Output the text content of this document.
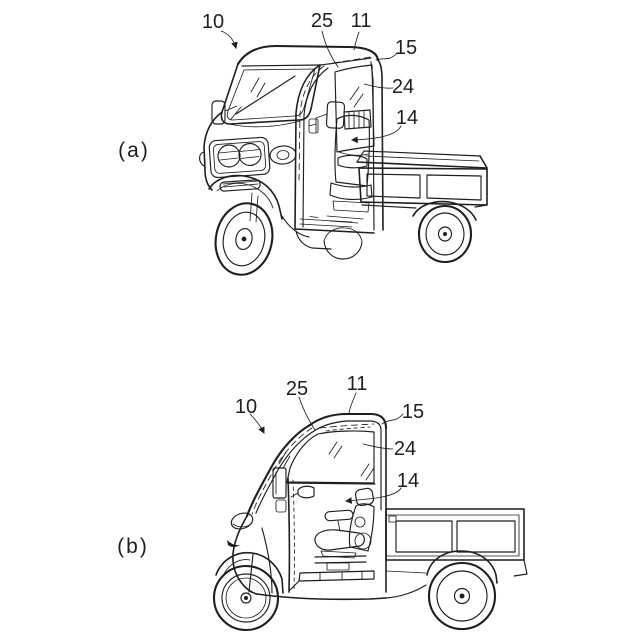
10	25 11
15
24
14
(a)
10
25 11
15
24
14
(b)
